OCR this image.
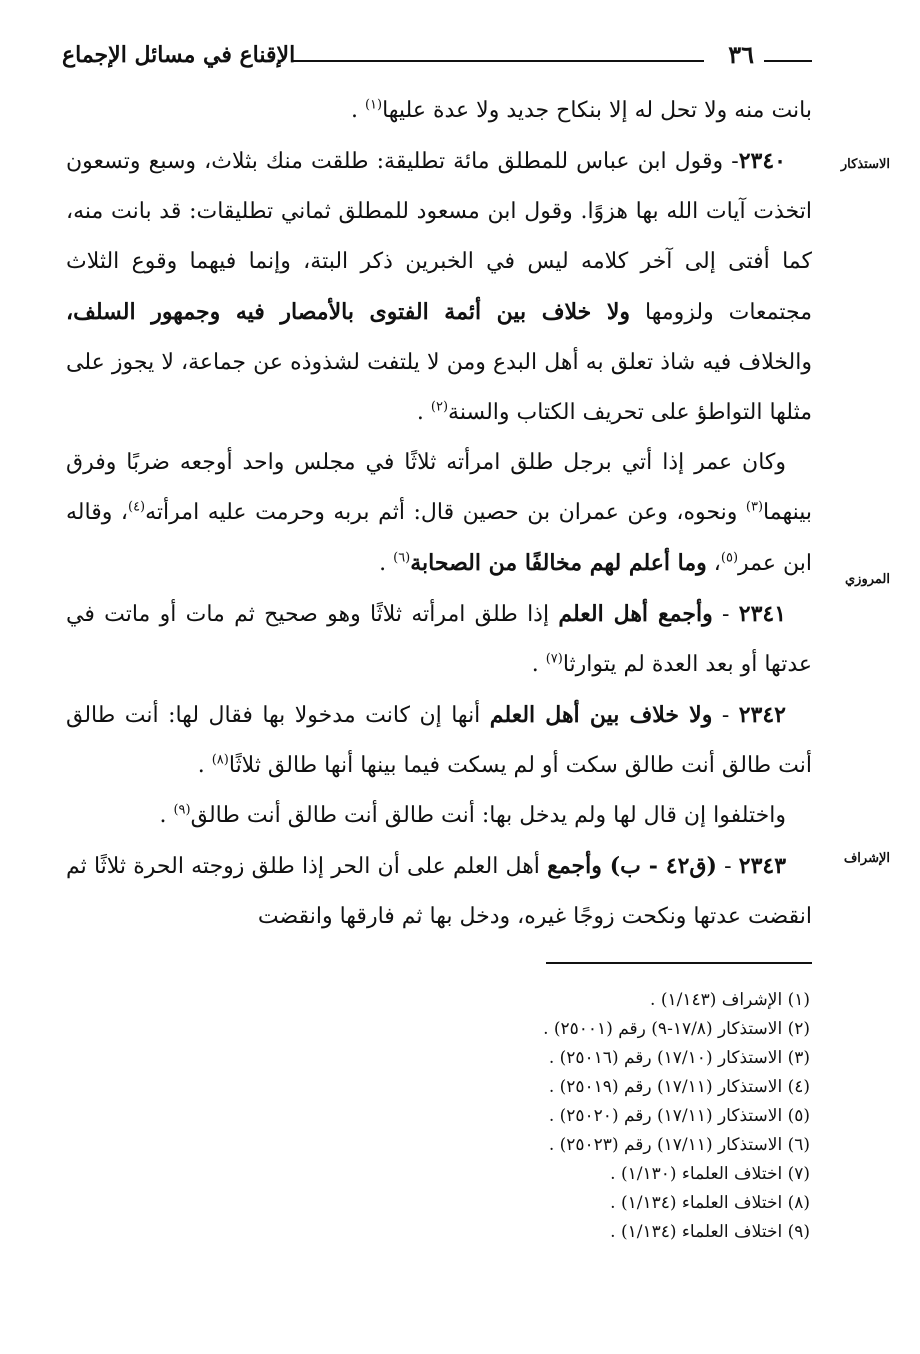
٣٦
الإقناع في مسائل الإجماع
الاستذكار
المروزي
الإشراف

بانت منه ولا تحل له إلا بنكاح جديد ولا عدة عليها$^{(١)}$ .

٢٣٤٠- وقول ابن عباس للمطلق مائة تطليقة: طلقت منك بثلاث، وسبع وتسعون اتخذت آيات الله بها هزوًا. وقول ابن مسعود للمطلق ثماني تطليقات: قد بانت منه، كما أفتى إلى آخر كلامه ليس في الخبرين ذكر البتة، وإنما فيهما وقوع الثلاث مجتمعات ولزومها ولا خلاف بين أئمة الفتوى بالأمصار فيه وجمهور السلف، والخلاف فيه شاذ تعلق به أهل البدع ومن لا يلتفت لشذوذه عن جماعة، لا يجوز على مثلها التواطؤ على تحريف الكتاب والسنة$^{(٢)}$ .

وكان عمر إذا أتي برجل طلق امرأته ثلاثًا في مجلس واحد أوجعه ضربًا وفرق بينهما$^{(٣)}$ ونحوه، وعن عمران بن حصين قال: أثم بربه وحرمت عليه امرأته$^{(٤)}$، وقاله ابن عمر$^{(٥)}$، وما أعلم لهم مخالفًا من الصحابة$^{(٦)}$ .

٢٣٤١ - وأجمع أهل العلم إذا طلق امرأته ثلاثًا وهو صحيح ثم مات أو ماتت في عدتها أو بعد العدة لم يتوارثا$^{(٧)}$ .

٢٣٤٢ - ولا خلاف بين أهل العلم أنها إن كانت مدخولا بها فقال لها: أنت طالق أنت طالق أنت طالق سكت أو لم يسكت فيما بينها أنها طالق ثلاثًا$^{(٨)}$ .

واختلفوا إن قال لها ولم يدخل بها: أنت طالق أنت طالق أنت طالق$^{(٩)}$ .

٢٣٤٣ - (ق٤٢ - ب) وأجمع أهل العلم على أن الحر إذا طلق زوجته الحرة ثلاثًا ثم انقضت عدتها ونكحت زوجًا غيره، ودخل بها ثم فارقها وانقضت

(١) الإشراف (١/١٤٣) .
(٢) الاستذكار (١٧/٨-٩) رقم (٢٥٠٠١) .
(٣) الاستذكار (١٧/١٠) رقم (٢٥٠١٦) .
(٤) الاستذكار (١٧/١١) رقم (٢٥٠١٩) .
(٥) الاستذكار (١٧/١١) رقم (٢٥٠٢٠) .
(٦) الاستذكار (١٧/١١) رقم (٢٥٠٢٣) .
(٧) اختلاف العلماء (١/١٣٠) .
(٨) اختلاف العلماء (١/١٣٤) .
(٩) اختلاف العلماء (١/١٣٤) .
